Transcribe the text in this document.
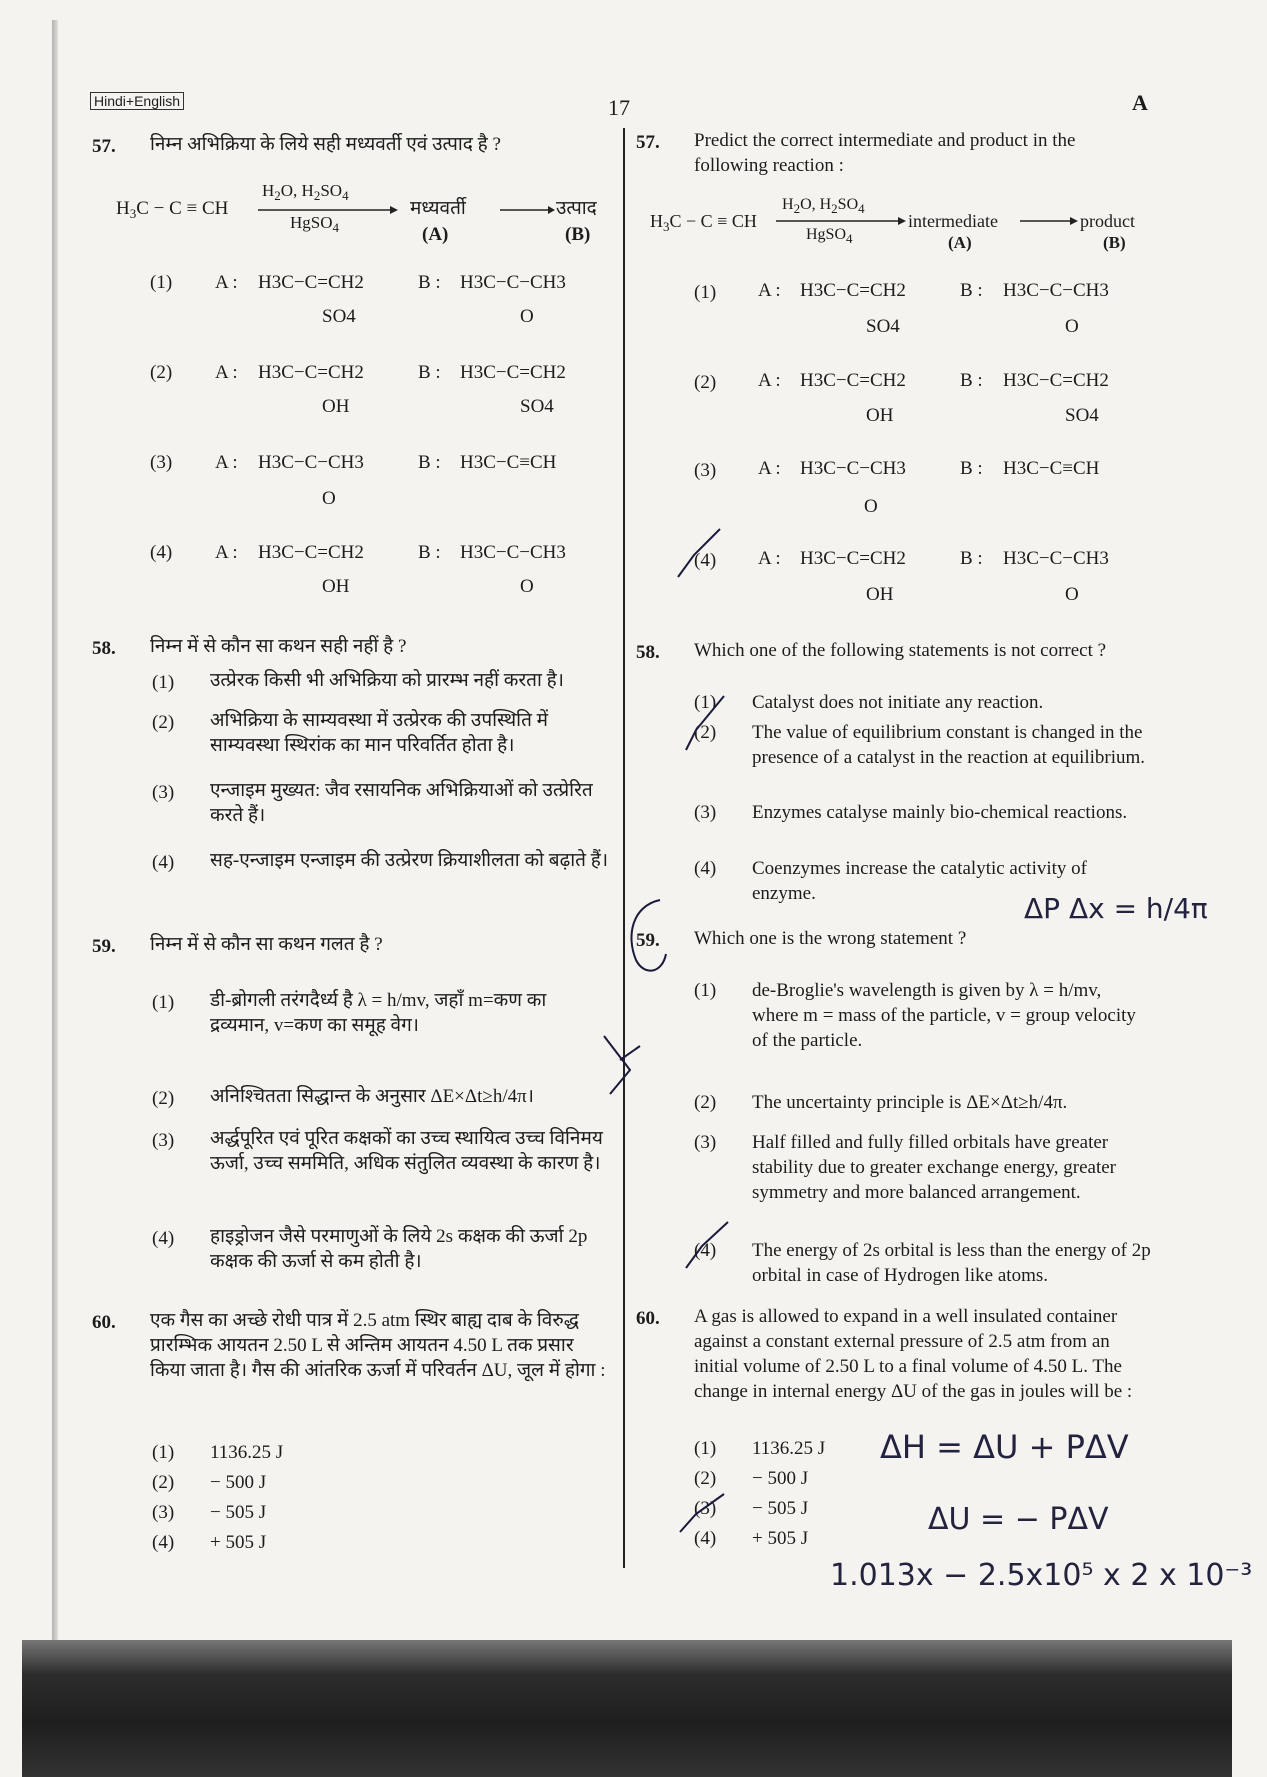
Hindi+English	17	A
57. निम्न अभिक्रिया के लिये सही मध्यवर्ती एवं उत्पाद है ?
$H_3C - C$ ≡ CH
$H_2O$, $H_2SO_4$
HgSO$_4$
मध्यवर्ती → उत्पाद
(A)	(B)
(1) A : H3C−C=CH2
SO4
B : H3C−C−CH3
O
(2) A : H3C−C=CH2
OH
B : H3C−C=CH2
SO4
(3) A : H3C−C−CH3
O
B : H3C−C≡CH
(4) A : H3C−C=CH2
OH
B : H3C−C−CH3
O
58. निम्न में से कौन सा कथन सही नहीं है ?
(1) उत्प्रेरक किसी भी अभिक्रिया को प्रारम्भ नहीं करता है।
(2) अभिक्रिया के साम्यवस्था में उत्प्रेरक की उपस्थिति में साम्यवस्था स्थिरांक का मान परिवर्तित होता है।
(3) एन्जाइम मुख्यत: जैव रसायनिक अभिक्रियाओं को उत्प्रेरित करते हैं।
(4) सह-एन्जाइम एन्जाइम की उत्प्रेरण क्रियाशीलता को बढ़ाते हैं।
59. निम्न में से कौन सा कथन गलत है ?
(1) डी-ब्रोगली तरंगदैर्ध्य है λ = h/mv, जहाँ m=कण का द्रव्यमान, v=कण का समूह वेग।
(2) अनिश्चितता सिद्धान्त के अनुसार ΔE×Δt≥h/4π।
(3) अर्द्धपूरित एवं पूरित कक्षकों का उच्च स्थायित्व उच्च विनिमय ऊर्जा, उच्च सममिति, अधिक संतुलित व्यवस्था के कारण है।
(4) हाइड्रोजन जैसे परमाणुओं के लिये 2s कक्षक की ऊर्जा 2p कक्षक की ऊर्जा से कम होती है।
60. एक गैस का अच्छे रोधी पात्र में 2.5 atm स्थिर बाह्य दाब के विरुद्ध प्रारम्भिक आयतन 2.50 L से अन्तिम आयतन 4.50 L तक प्रसार किया जाता है। गैस की आंतरिक ऊर्जा में परिवर्तन ΔU, जूल में होगा :
(1) 1136.25 J
(2) − 500 J
(3) − 505 J
(4) + 505 J
57. Predict the correct intermediate and product in the following reaction :
$H_3C - C$ ≡ CH
$H_2O$, $H_2SO_4$
HgSO$_4$
intermediate → product
(A)	(B)
(1) A : H3C−C=CH2
SO4
B : H3C−C−CH3
O
(2) A : H3C−C=CH2
OH
B : H3C−C=CH2
SO4
(3) A : H3C−C−CH3
O
B : H3C−C≡CH
(4) A : H3C−C=CH2
OH
B : H3C−C−CH3
O
58. Which one of the following statements is not correct ?
(1) Catalyst does not initiate any reaction.
(2) The value of equilibrium constant is changed in the presence of a catalyst in the reaction at equilibrium.
(3) Enzymes catalyse mainly bio-chemical reactions.
(4) Coenzymes increase the catalytic activity of enzyme.
59. Which one is the wrong statement ?
(1) de-Broglie's wavelength is given by λ = h/mv, where m = mass of the particle, v = group velocity of the particle.
(2) The uncertainty principle is ΔE×Δt≥h/4π.
(3) Half filled and fully filled orbitals have greater stability due to greater exchange energy, greater symmetry and more balanced arrangement.
(4) The energy of 2s orbital is less than the energy of 2p orbital in case of Hydrogen like atoms.
60. A gas is allowed to expand in a well insulated container against a constant external pressure of 2.5 atm from an initial volume of 2.50 L to a final volume of 4.50 L. The change in internal energy ΔU of the gas in joules will be :
(1) 1136.25 J
(2) − 500 J
(3) − 505 J
(4) + 505 J
ΔP Δx = h/4π
ΔH = ΔU + PΔV
ΔU = − PΔV
1.013x − 2.5x10⁵ x 2 x 10⁻³
